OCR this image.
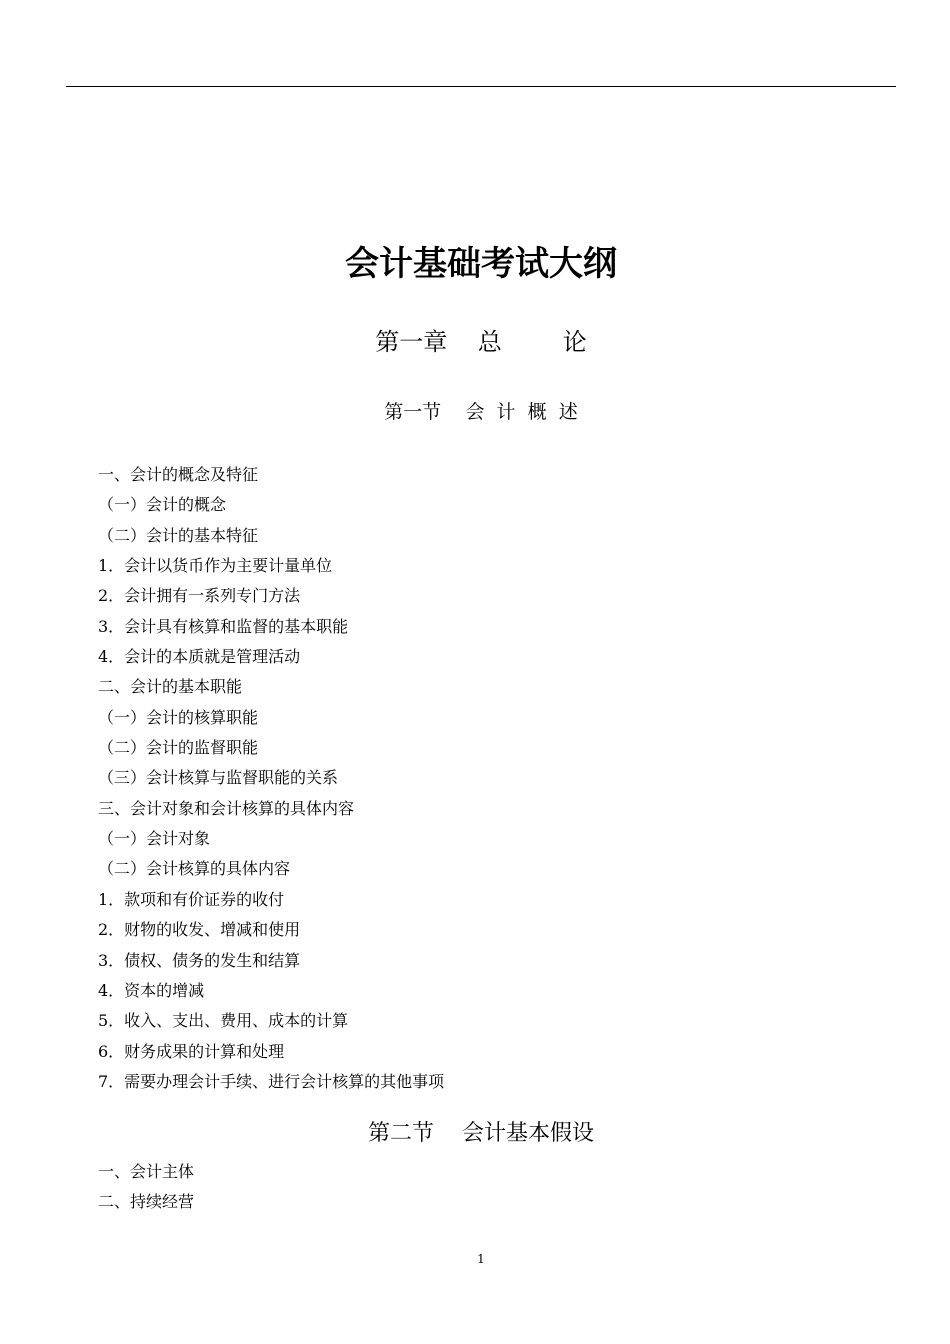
会计基础考试大纲
第一章    总        论
第一节    会  计  概  述
一、会计的概念及特征
（一）会计的概念
（二）会计的基本特征
1．会计以货币作为主要计量单位
2．会计拥有一系列专门方法
3．会计具有核算和监督的基本职能
4．会计的本质就是管理活动
二、会计的基本职能
（一）会计的核算职能
（二）会计的监督职能
（三）会计核算与监督职能的关系
三、会计对象和会计核算的具体内容
（一）会计对象
（二）会计核算的具体内容
1．款项和有价证券的收付
2．财物的收发、增减和使用
3．债权、债务的发生和结算
4．资本的增减
5．收入、支出、费用、成本的计算
6．财务成果的计算和处理
7．需要办理会计手续、进行会计核算的其他事项
第二节    会计基本假设
一、会计主体
二、持续经营
1
